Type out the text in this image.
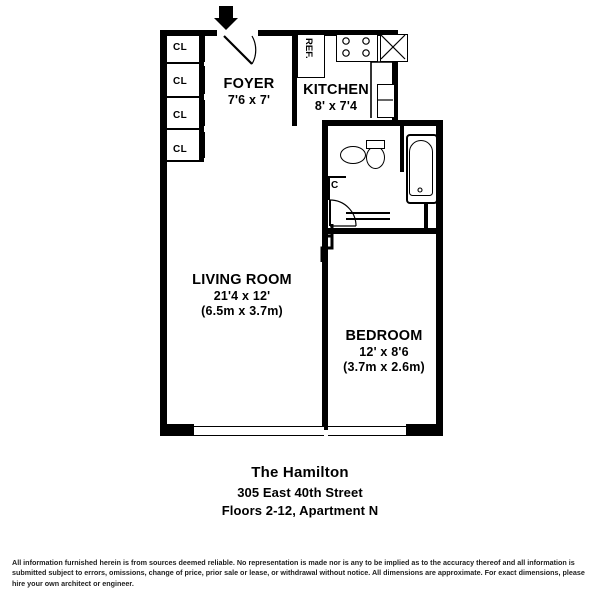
REF.
C
CL
CL
CL
CL
FOYER
7'6 x 7'
KITCHEN
8' x 7'4
LIVING ROOM
21'4 x 12'
(6.5m x 3.7m)
BEDROOM
12' x 8'6
(3.7m x 2.6m)
The Hamilton
305 East 40th Street
Floors 2-12, Apartment N
All information furnished herein is from sources deemed reliable. No representation is made nor is any to be implied as to the accuracy thereof and all information is submitted subject to errors, omissions, change of price, prior sale or lease, or withdrawal without notice. All dimensions are approximate. For exact dimensions, please hire your own architect or engineer.
